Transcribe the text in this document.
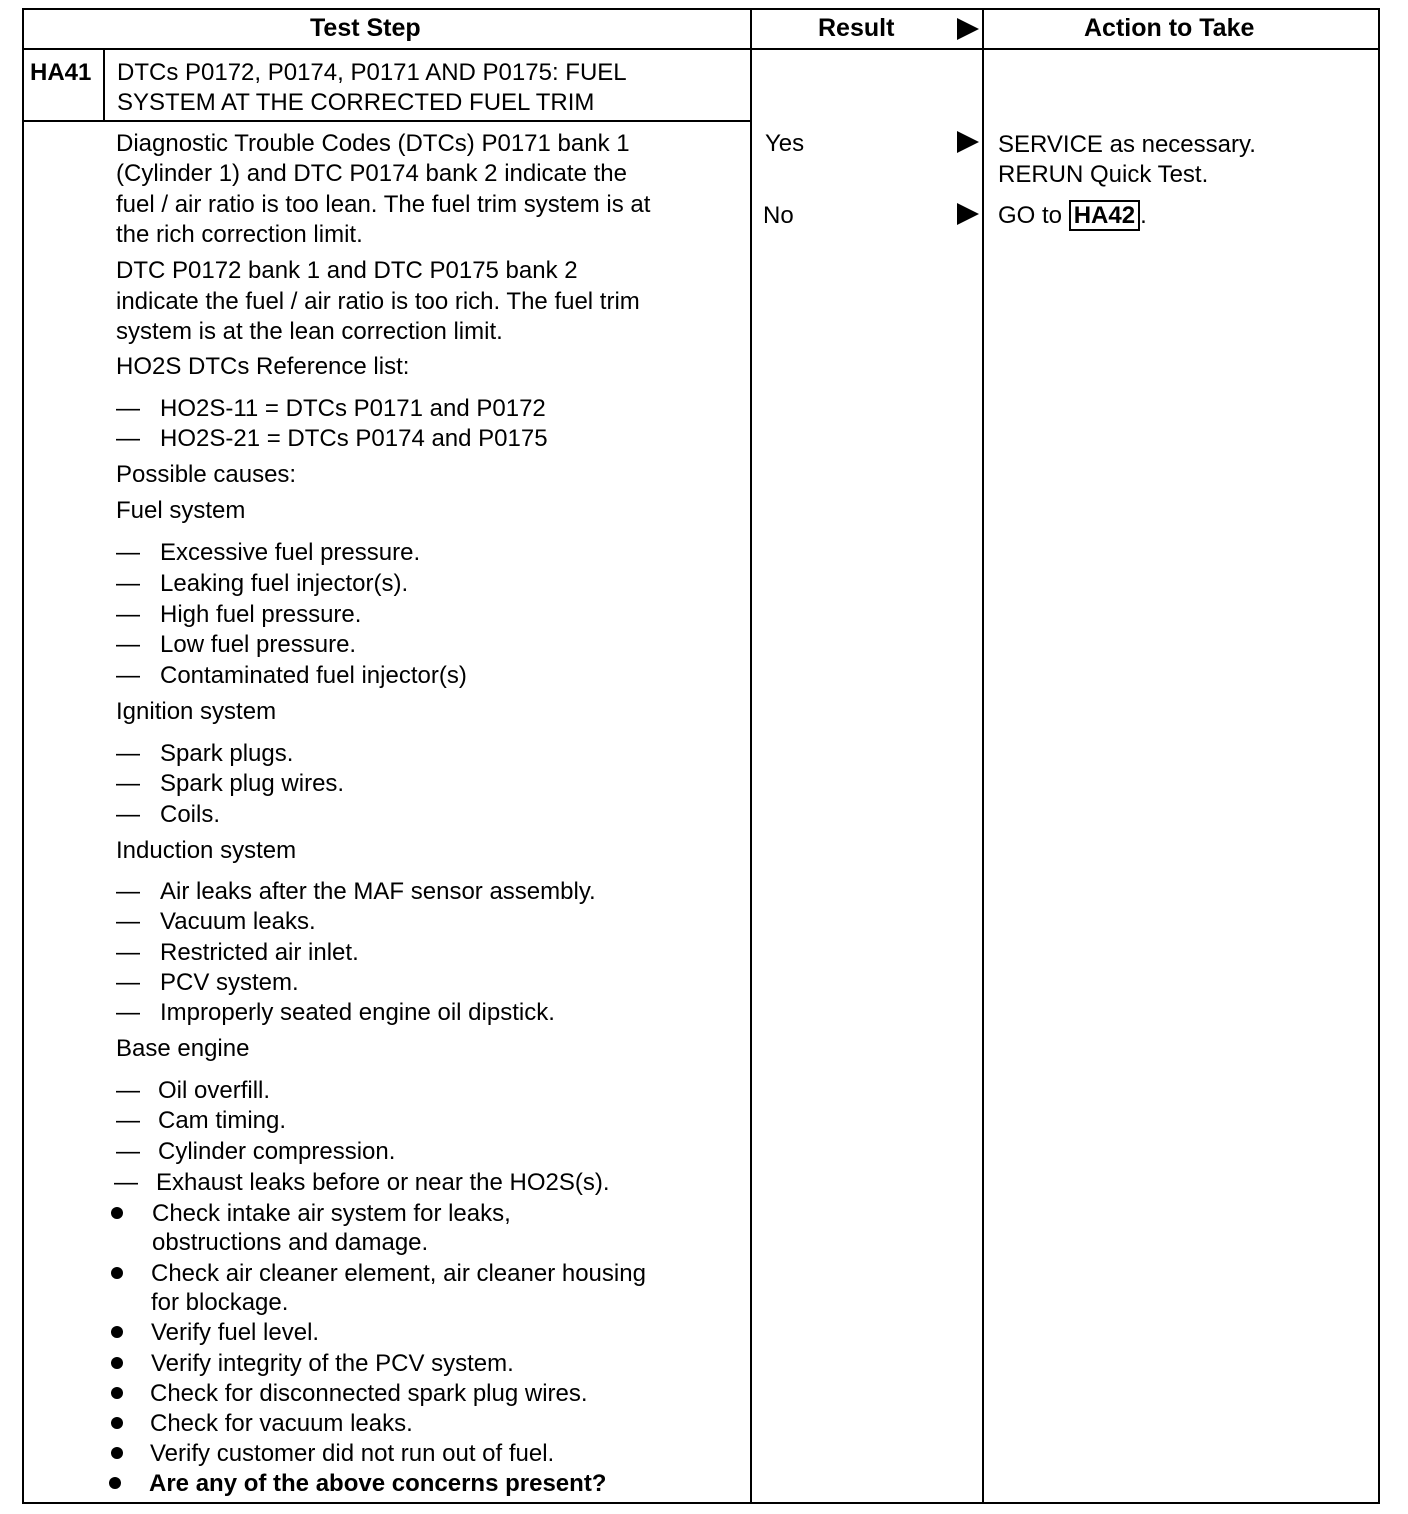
Test Step	Result	Action to Take
HA41 DTCs P0172, P0174, P0171 AND P0175: FUEL
SYSTEM AT THE CORRECTED FUEL TRIM
Diagnostic Trouble Codes (DTCs) P0171 bank 1
(Cylinder 1) and DTC P0174 bank 2 indicate the
fuel / air ratio is too lean. The fuel trim system is at
the rich correction limit.
DTC P0172 bank 1 and DTC P0175 bank 2
indicate the fuel / air ratio is too rich. The fuel trim
system is at the lean correction limit.
HO2S DTCs Reference list:
— HO2S-11 = DTCs P0171 and P0172
— HO2S-21 = DTCs P0174 and P0175
Possible causes:
Fuel system
— Excessive fuel pressure.
— Leaking fuel injector(s).
— High fuel pressure.
— Low fuel pressure.
— Contaminated fuel injector(s)
Ignition system
— Spark plugs.
— Spark plug wires.
— Coils.
Induction system
— Air leaks after the MAF sensor assembly.
— Vacuum leaks.
— Restricted air inlet.
— PCV system.
— Improperly seated engine oil dipstick.
Base engine
— Oil overfill.
— Cam timing.
— Cylinder compression.
— Exhaust leaks before or near the HO2S(s).
Check intake air system for leaks,
obstructions and damage.
Check air cleaner element, air cleaner housing
for blockage.
Verify fuel level.
Verify integrity of the PCV system.
Check for disconnected spark plug wires.
Check for vacuum leaks.
Verify customer did not run out of fuel.
Are any of the above concerns present?
Yes	SERVICE as necessary.
RERUN Quick Test.
No	GO to HA42 .
